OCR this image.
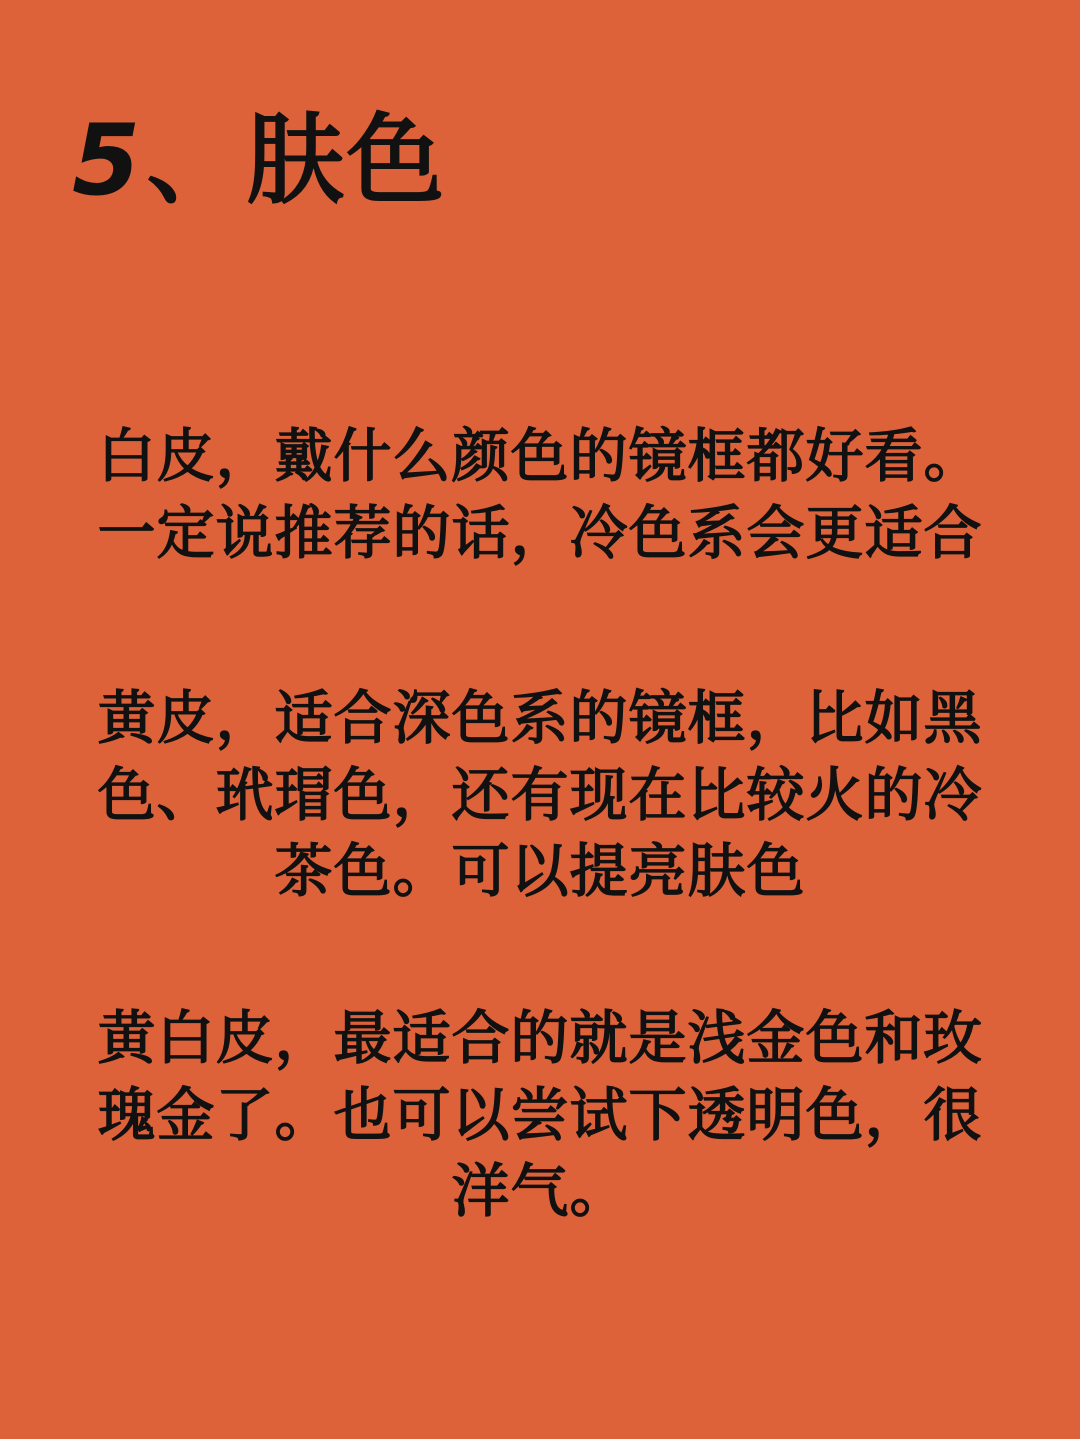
5、肤色

白皮，戴什么颜色的镜框都好看。

一定说推荐的话，冷色系会更适合

黄皮，适合深色系的镜框，比如黑

色、玳瑁色，还有现在比较火的冷

茶色。可以提亮肤色

黄白皮，最适合的就是浅金色和玫

瑰金了。也可以尝试下透明色，很

洋气。
